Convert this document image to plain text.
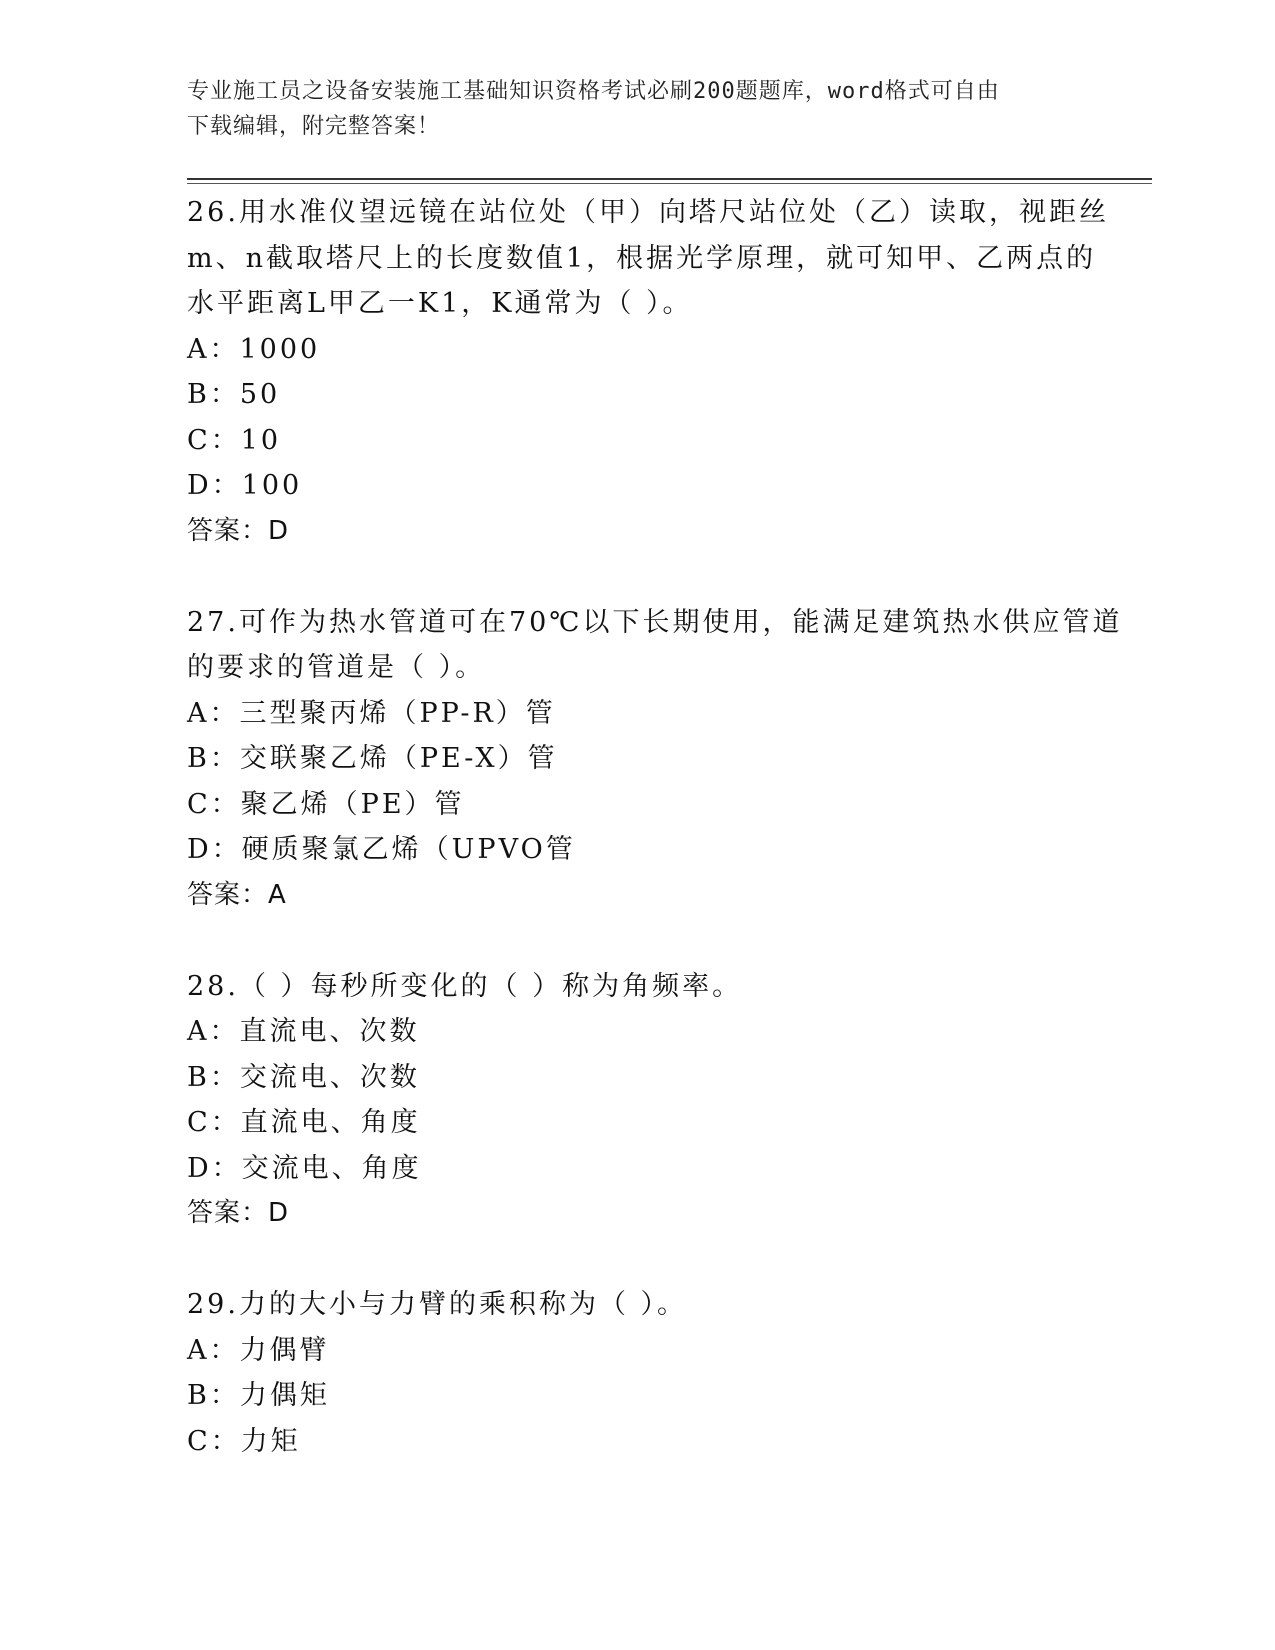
专业施工员之设备安装施工基础知识资格考试必刷200题题库，word格式可自由
下载编辑，附完整答案！
26.用水准仪望远镜在站位处（甲）向塔尺站位处（乙）读取，视距丝
m、n截取塔尺上的长度数值1，根据光学原理，就可知甲、乙两点的
水平距离L甲乙一K1，K通常为（ ）。
A：1000
B：50
C：10
D：100
答案：D
27.可作为热水管道可在70℃以下长期使用，能满足建筑热水供应管道
的要求的管道是（ ）。
A：三型聚丙烯（PP-R）管
B：交联聚乙烯（PE-X）管
C：聚乙烯（PE）管
D：硬质聚氯乙烯（UPVO管
答案：A
28.（ ）每秒所变化的（ ）称为角频率。
A：直流电、次数
B：交流电、次数
C：直流电、角度
D：交流电、角度
答案：D
29.力的大小与力臂的乘积称为（ ）。
A：力偶臂
B：力偶矩
C：力矩
